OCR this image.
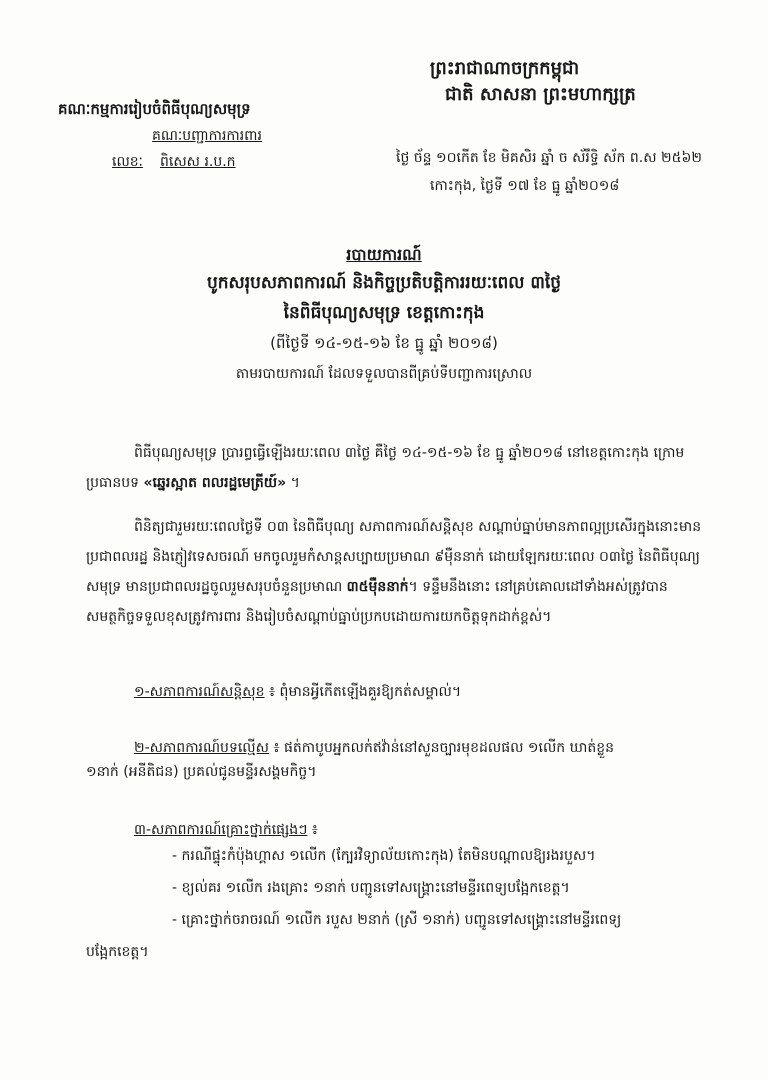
ព្រះរាជាណាចក្រកម្ពុជា
ជាតិ សាសនា ព្រះមហាក្សត្រ
គណៈកម្មការរៀបចំពិធីបុណ្យសមុទ្រ
គណៈបញ្ជាការការពារ
លេខៈ ពិសេស រ.ប.ក	ថ្ងៃ ច័ន្ទ ១០កើត ខែ មិគសិរ ឆ្នាំ ច ស័រឹទ្ធិ ស័ក ព.ស ២៥៦២
កោះកុង, ថ្ងៃទី ១៧ ខែ ធ្នូ ឆ្នាំ២០១៨
របាយការណ៍
បូកសរុបសភាពការណ៍ និងកិច្ចប្រតិបត្តិការរយៈពេល ៣ថ្ងៃ
នៃពិធីបុណ្យសមុទ្រ ខេត្តកោះកុង
(ពីថ្ងៃទី ១៤-១៥-១៦ ខែ ធ្នូ ឆ្នាំ ២០១៨)
តាមរបាយការណ៍ ដែលទទួលបានពីគ្រប់ទីបញ្ជាការស្រោល
ពិធីបុណ្យសមុទ្រ ប្រារព្ធធ្វើឡើងរយៈពេល ៣ថ្ងៃ គឺថ្ងៃ ១៤-១៥-១៦ ខែ ធ្នូ ឆ្នាំ២០១៨ នៅខេត្តកោះកុង ក្រោមប្រធានបទ «ឆ្នេរស្អាត ពលរដ្ឋមេត្រីយ៍» ។
ពិនិត្យជារួមរយៈពេលថ្ងៃទី ០៣ នៃពិធីបុណ្យ សភាពការណ៍សន្តិសុខ សណ្តាប់ធ្នាប់មានភាពល្អប្រសើរក្នុងនោះមានប្រជាពលរដ្ឋ និងភ្ញៀវទេសចរណ៍ មកចូលរួមកំសាន្តសប្បាយប្រមាណ ៩ម៉ឺននាក់ ដោយឡែករយៈពេល ០៣ថ្ងៃ នៃពិធីបុណ្យសមុទ្រ មានប្រជាពលរដ្ឋចូលរួមសរុបចំនួនប្រមាណ ៣៥ម៉ឺននាក់។ ទន្ទឹមនឹងនោះ នៅគ្រប់គោលដៅទាំងអស់ត្រូវបានសមត្ថកិច្ចទទួលខុសត្រូវការពារ និងរៀបចំសណ្តាប់ធ្នាប់ប្រកបដោយការយកចិត្តទុកដាក់ខ្ពស់។
១-សភាពការណ៍សន្តិសុខ ៖ ពុំមានអ្វីកើតឡើងគួរឱ្យកត់សម្គាល់។
២-សភាពការណ៍បទល្មើស ៖ ផត់កាបូបអ្នកលក់ឥវ៉ាន់នៅសួនច្បារមុខដលផល ១លើក ឃាត់ខ្លួន
១នាក់ (អនីតិជន) ប្រគល់ជូនមន្ទីរសង្គមកិច្ច។
៣-សភាពការណ៍គ្រោះថ្នាក់ផ្សេងៗ ៖
- ករណីផ្ទុះកំប៉ុងហ្គាស ១លើក (ក្បែរវិទ្យាល័យកោះកុង) តែមិនបណ្តាលឱ្យរងរបួស។
- ខ្យល់គរ ១លើក រងគ្រោះ ១នាក់ បញ្ជូនទៅសង្គ្រោះនៅមន្ទីរពេទ្យបង្អែកខេត្ត។
- គ្រោះថ្នាក់ចរាចរណ៍ ១លើក របួស ២នាក់ (ស្រី ១នាក់) បញ្ជូនទៅសង្គ្រោះនៅមន្ទីរពេទ្យ
បង្អែកខេត្ត។
